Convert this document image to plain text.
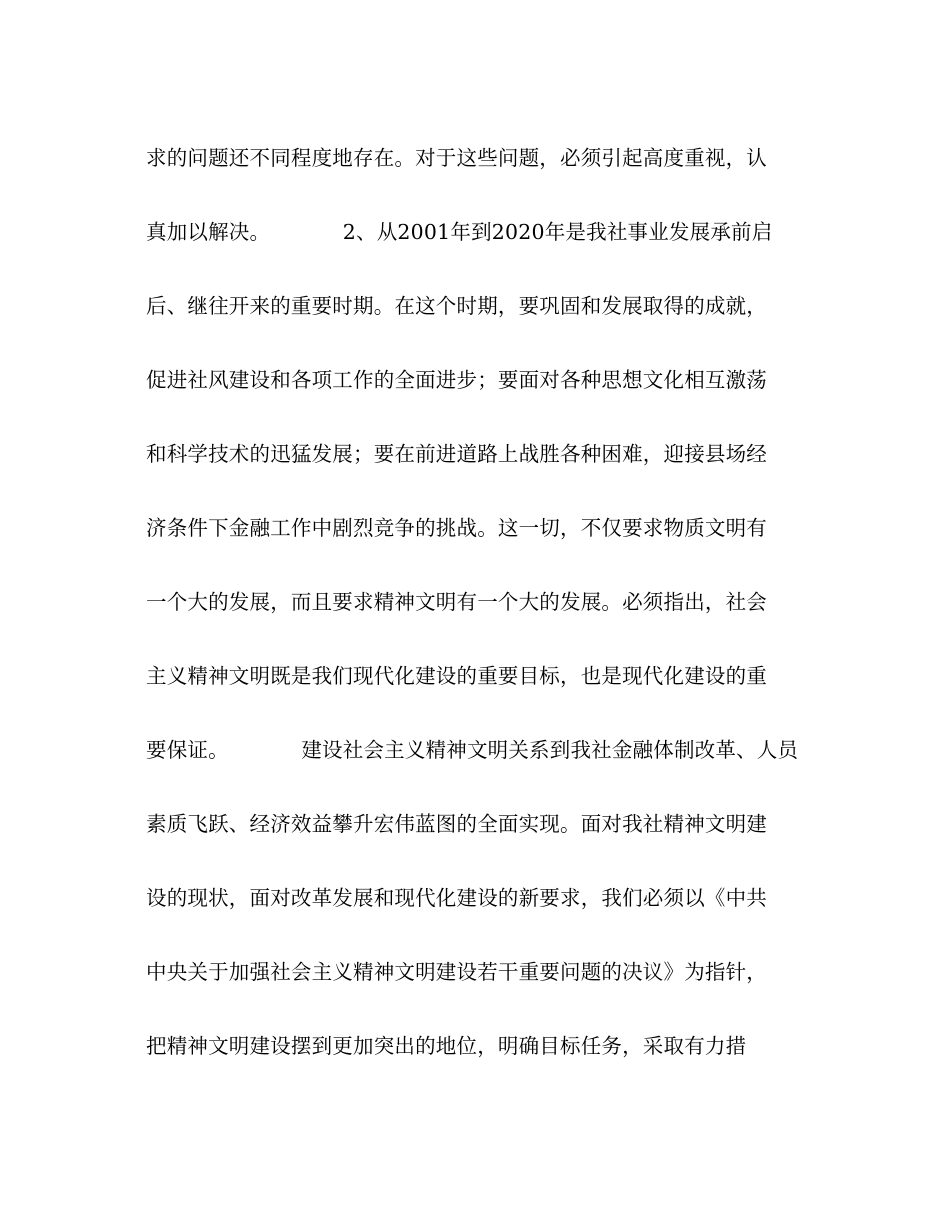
求的问题还不同程度地存在。对于这些问题，必须引起高度重视，认
真加以解决。　　　　2、从2001年到2020年是我社事业发展承前启
后、继往开来的重要时期。在这个时期，要巩固和发展取得的成就，
促进社风建设和各项工作的全面进步；要面对各种思想文化相互激荡
和科学技术的迅猛发展；要在前进道路上战胜各种困难，迎接县场经
济条件下金融工作中剧烈竞争的挑战。这一切，不仅要求物质文明有
一个大的发展，而且要求精神文明有一个大的发展。必须指出，社会
主义精神文明既是我们现代化建设的重要目标，也是现代化建设的重
要保证。　　　　建设社会主义精神文明关系到我社金融体制改革、人员
素质飞跃、经济效益攀升宏伟蓝图的全面实现。面对我社精神文明建
设的现状，面对改革发展和现代化建设的新要求，我们必须以《中共
中央关于加强社会主义精神文明建设若干重要问题的决议》为指针，
把精神文明建设摆到更加突出的地位，明确目标任务，采取有力措
